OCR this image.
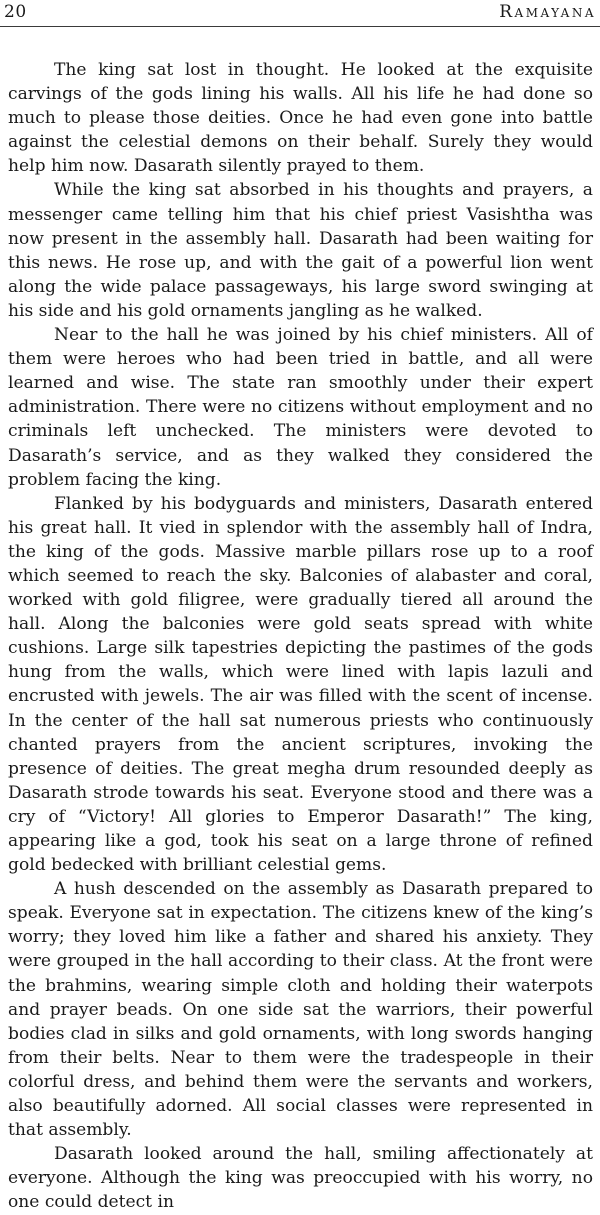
20	Ramayana

The king sat lost in thought. He looked at the exquisite carvings of the gods lining his walls. All his life he had done so much to please those deities. Once he had even gone into battle against the celestial demons on their behalf. Surely they would help him now. Dasarath silently prayed to them.

While the king sat absorbed in his thoughts and prayers, a messenger came telling him that his chief priest Vasishtha was now present in the assembly hall. Dasarath had been waiting for this news. He rose up, and with the gait of a powerful lion went along the wide palace passageways, his large sword swinging at his side and his gold ornaments jangling as he walked.

Near to the hall he was joined by his chief ministers. All of them were heroes who had been tried in battle, and all were learned and wise. The state ran smoothly under their expert administration. There were no citizens without employment and no criminals left unchecked. The ministers were devoted to Dasarath’s service, and as they walked they considered the problem facing the king.

Flanked by his bodyguards and ministers, Dasarath entered his great hall. It vied in splendor with the assembly hall of Indra, the king of the gods. Massive marble pillars rose up to a roof which seemed to reach the sky. Balconies of alabaster and coral, worked with gold filigree, were gradually tiered all around the hall. Along the balconies were gold seats spread with white cushions. Large silk tapestries depicting the pastimes of the gods hung from the walls, which were lined with lapis lazuli and encrusted with jewels. The air was filled with the scent of incense. In the center of the hall sat numerous priests who continuously chanted prayers from the ancient scriptures, invoking the presence of deities. The great megha drum resounded deeply as Dasarath strode towards his seat. Everyone stood and there was a cry of “Victory! All glories to Emperor Dasarath!” The king, appearing like a god, took his seat on a large throne of refined gold bedecked with brilliant celestial gems.

A hush descended on the assembly as Dasarath prepared to speak. Everyone sat in expectation. The citizens knew of the king’s worry; they loved him like a father and shared his anxiety. They were grouped in the hall according to their class. At the front were the brahmins, wearing simple cloth and holding their waterpots and prayer beads. On one side sat the warriors, their powerful bodies clad in silks and gold ornaments, with long swords hanging from their belts. Near to them were the tradespeople in their colorful dress, and behind them were the servants and workers, also beautifully adorned. All social classes were represented in that assembly.

Dasarath looked around the hall, smiling affectionately at everyone. Although the king was preoccupied with his worry, no one could detect in
